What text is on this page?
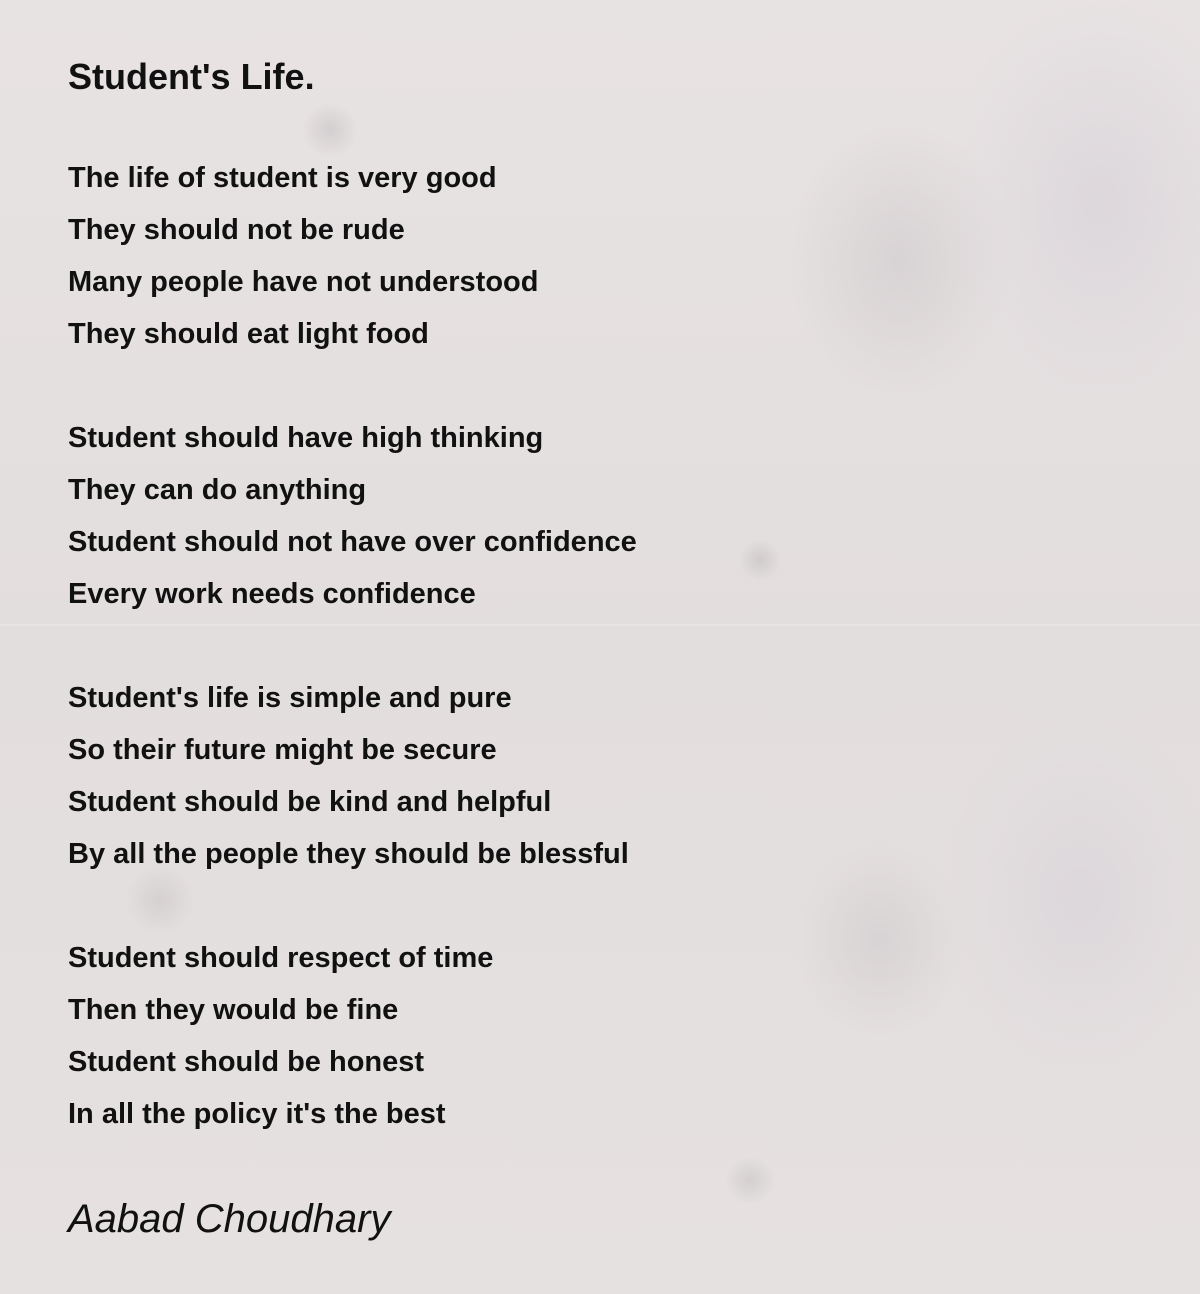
Student's Life.
The life of student is very good
They should not be rude
Many people have not understood
They should eat light food
Student should have high thinking
They can do anything
Student should not have over confidence
Every work needs confidence
Student's life is simple and pure
So their future might be secure
Student should be kind and helpful
By all the people they should be blessful
Student should respect of time
Then they would be fine
Student should be honest
In all the policy it's the best
Aabad Choudhary
